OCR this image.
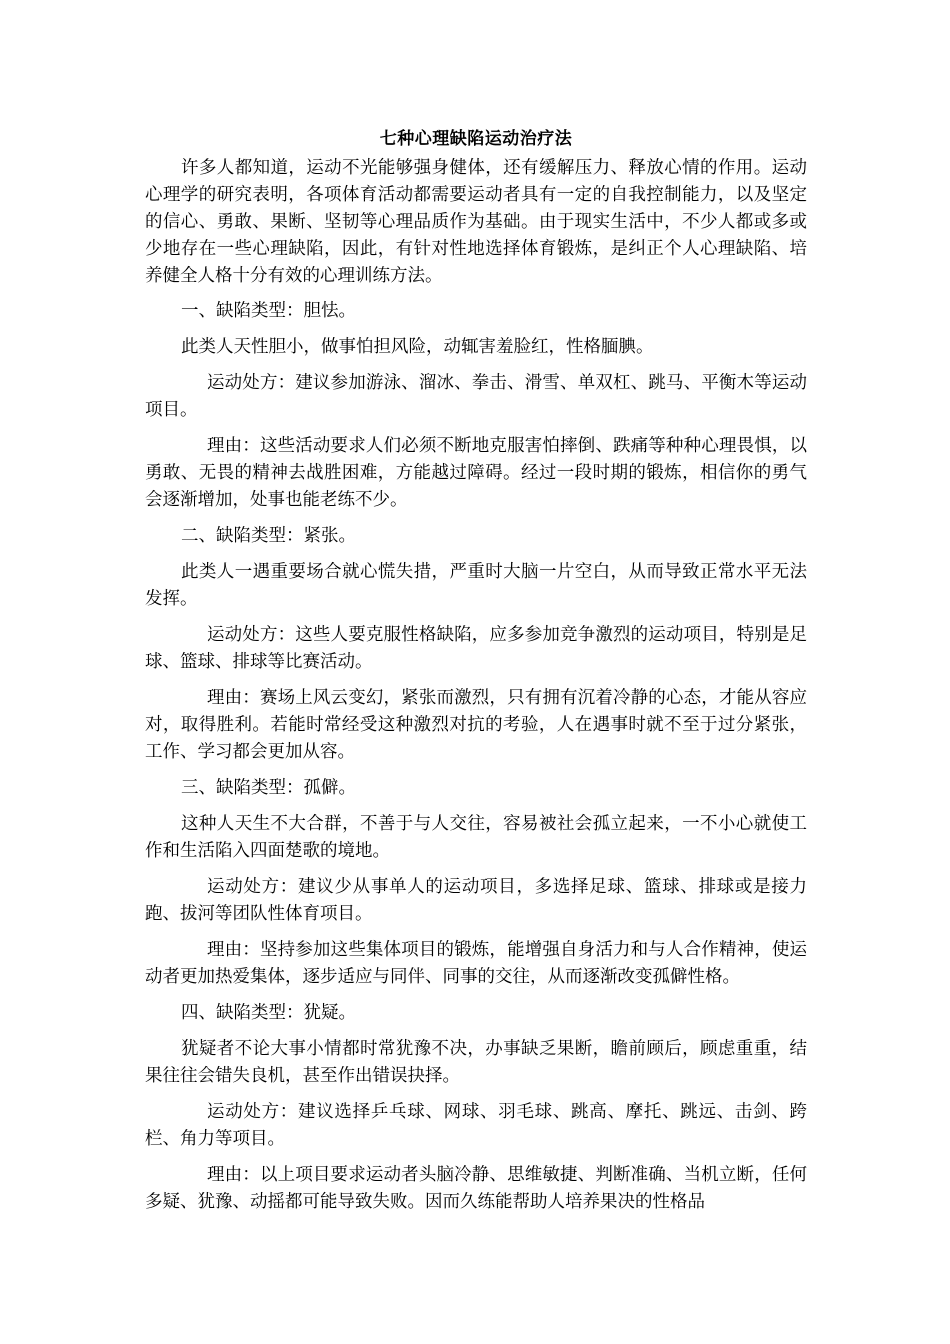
七种心理缺陷运动治疗法

许多人都知道，运动不光能够强身健体，还有缓解压力、释放心情的作用。运动心理学的研究表明，各项体育活动都需要运动者具有一定的自我控制能力，以及坚定的信心、勇敢、果断、坚韧等心理品质作为基础。由于现实生活中，不少人都或多或少地存在一些心理缺陷，因此，有针对性地选择体育锻炼，是纠正个人心理缺陷、培养健全人格十分有效的心理训练方法。

一、缺陷类型：胆怯。

此类人天性胆小，做事怕担风险，动辄害羞脸红，性格腼腆。

运动处方：建议参加游泳、溜冰、拳击、滑雪、单双杠、跳马、平衡木等运动项目。

理由：这些活动要求人们必须不断地克服害怕摔倒、跌痛等种种心理畏惧，以勇敢、无畏的精神去战胜困难，方能越过障碍。经过一段时期的锻炼，相信你的勇气会逐渐增加，处事也能老练不少。

二、缺陷类型：紧张。

此类人一遇重要场合就心慌失措，严重时大脑一片空白，从而导致正常水平无法发挥。

运动处方：这些人要克服性格缺陷，应多参加竞争激烈的运动项目，特别是足球、篮球、排球等比赛活动。

理由：赛场上风云变幻，紧张而激烈，只有拥有沉着冷静的心态，才能从容应对，取得胜利。若能时常经受这种激烈对抗的考验，人在遇事时就不至于过分紧张，工作、学习都会更加从容。

三、缺陷类型：孤僻。

这种人天生不大合群，不善于与人交往，容易被社会孤立起来，一不小心就使工作和生活陷入四面楚歌的境地。

运动处方：建议少从事单人的运动项目，多选择足球、篮球、排球或是接力跑、拔河等团队性体育项目。

理由：坚持参加这些集体项目的锻炼，能增强自身活力和与人合作精神，使运动者更加热爱集体，逐步适应与同伴、同事的交往，从而逐渐改变孤僻性格。

四、缺陷类型：犹疑。

犹疑者不论大事小情都时常犹豫不决，办事缺乏果断，瞻前顾后，顾虑重重，结果往往会错失良机，甚至作出错误抉择。

运动处方：建议选择乒乓球、网球、羽毛球、跳高、摩托、跳远、击剑、跨栏、角力等项目。

理由：以上项目要求运动者头脑冷静、思维敏捷、判断准确、当机立断，任何多疑、犹豫、动摇都可能导致失败。因而久练能帮助人培养果决的性格品
